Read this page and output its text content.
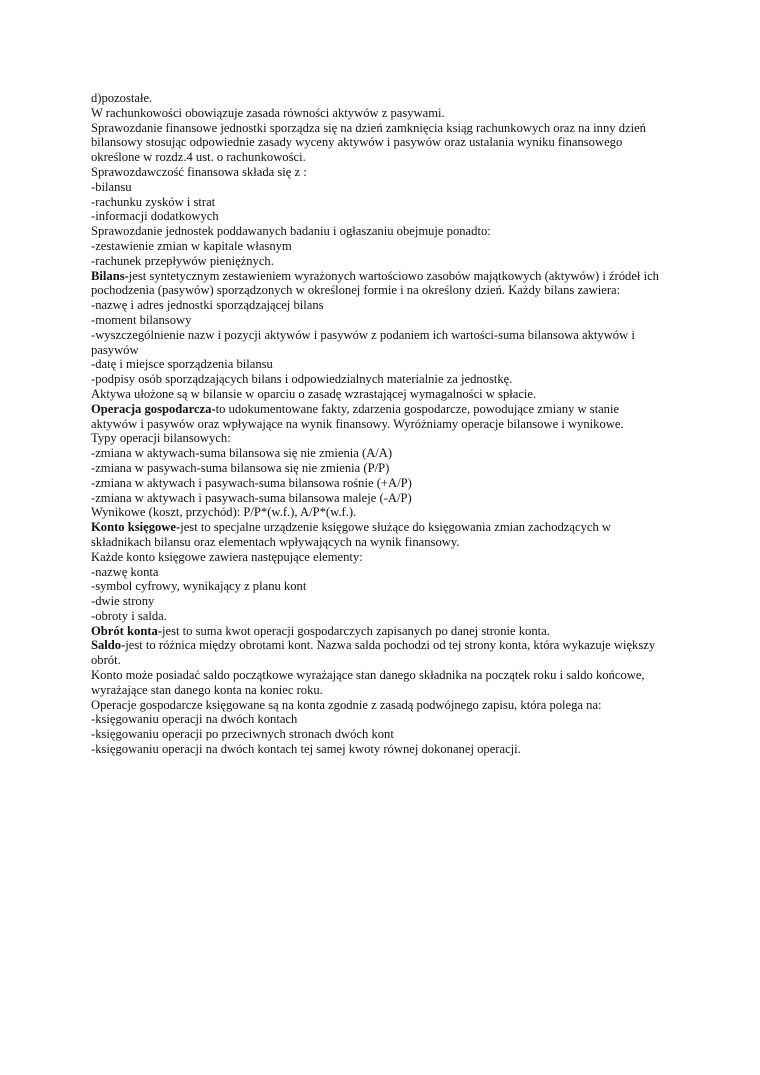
d)pozostałe.
W rachunkowości obowiązuje zasada równości aktywów z pasywami.
Sprawozdanie finansowe jednostki sporządza się na dzień zamknięcia ksiąg rachunkowych oraz na inny dzień
bilansowy stosując odpowiednie zasady wyceny aktywów i pasywów oraz ustalania wyniku finansowego
określone w rozdz.4 ust. o rachunkowości.
Sprawozdawczość finansowa składa się z :
-bilansu
-rachunku zysków i strat
-informacji dodatkowych
Sprawozdanie jednostek poddawanych badaniu i ogłaszaniu obejmuje ponadto:
-zestawienie zmian w kapitale własnym
-rachunek przepływów pieniężnych.
Bilans-jest syntetycznym zestawieniem wyrażonych wartościowo zasobów majątkowych (aktywów) i źródeł ich
pochodzenia (pasywów) sporządzonych w określonej formie i na określony dzień. Każdy bilans zawiera:
-nazwę i adres jednostki sporządzającej bilans
-moment bilansowy
-wyszczególnienie nazw i pozycji aktywów i pasywów z podaniem ich wartości-suma bilansowa aktywów i
pasywów
-datę i miejsce sporządzenia bilansu
-podpisy osób sporządzających bilans i odpowiedzialnych materialnie za jednostkę.
Aktywa ułożone są w bilansie w oparciu o zasadę wzrastającej wymagalności w spłacie.
Operacja gospodarcza-to udokumentowane fakty, zdarzenia gospodarcze, powodujące zmiany w stanie
aktywów i pasywów oraz wpływające na wynik finansowy. Wyróżniamy operacje bilansowe i wynikowe.
Typy operacji bilansowych:
-zmiana w aktywach-suma bilansowa się nie zmienia (A/A)
-zmiana w pasywach-suma bilansowa się nie zmienia (P/P)
-zmiana w aktywach i pasywach-suma bilansowa rośnie (+A/P)
-zmiana w aktywach i pasywach-suma bilansowa maleje (-A/P)
Wynikowe (koszt, przychód): P/P*(w.f.), A/P*(w.f.).
Konto księgowe-jest to specjalne urządzenie księgowe służące do księgowania zmian zachodzących w
składnikach bilansu oraz elementach wpływających na wynik finansowy.
Każde konto księgowe zawiera następujące elementy:
-nazwę konta
-symbol cyfrowy, wynikający z planu kont
-dwie strony
-obroty i salda.
Obrót konta-jest to suma kwot operacji gospodarczych zapisanych po danej stronie konta.
Saldo-jest to różnica między obrotami kont. Nazwa salda pochodzi od tej strony konta, która wykazuje większy
obrót.
Konto może posiadać saldo początkowe wyrażające stan danego składnika na początek roku i saldo końcowe,
wyrażające stan danego konta na koniec roku.
Operacje gospodarcze księgowane są na konta zgodnie z zasadą podwójnego zapisu, która polega na:
-księgowaniu operacji na dwóch kontach
-księgowaniu operacji po przeciwnych stronach dwóch kont
-księgowaniu operacji na dwóch kontach tej samej kwoty równej dokonanej operacji.
